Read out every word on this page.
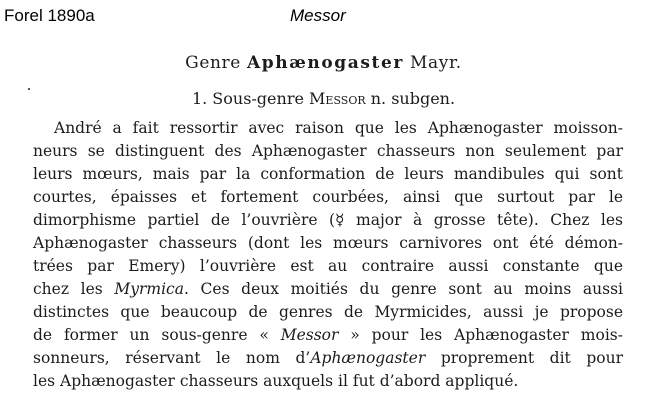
Forel 1890a	Messor
Genre Aphænogaster Mayr.
1. Sous-genre Messor n. subgen.
André a fait ressortir avec raison que les Aphænogaster moisson-
neurs se distinguent des Aphænogaster chasseurs non seulement par
leurs mœurs, mais par la conformation de leurs mandibules qui sont
courtes, épaisses et fortement courbées, ainsi que surtout par le
dimorphisme partiel de l’ouvrière (☿ major à grosse tête). Chez les
Aphænogaster chasseurs (dont les mœurs carnivores ont été démon-
trées par Emery) l’ouvrière est au contraire aussi constante que
chez les Myrmica. Ces deux moitiés du genre sont au moins aussi
distinctes que beaucoup de genres de Myrmicides, aussi je propose
de former un sous-genre « Messor » pour les Aphænogaster mois-
sonneurs, réservant le nom d’Aphænogaster proprement dit pour
les Aphænogaster chasseurs auxquels il fut d’abord appliqué.
